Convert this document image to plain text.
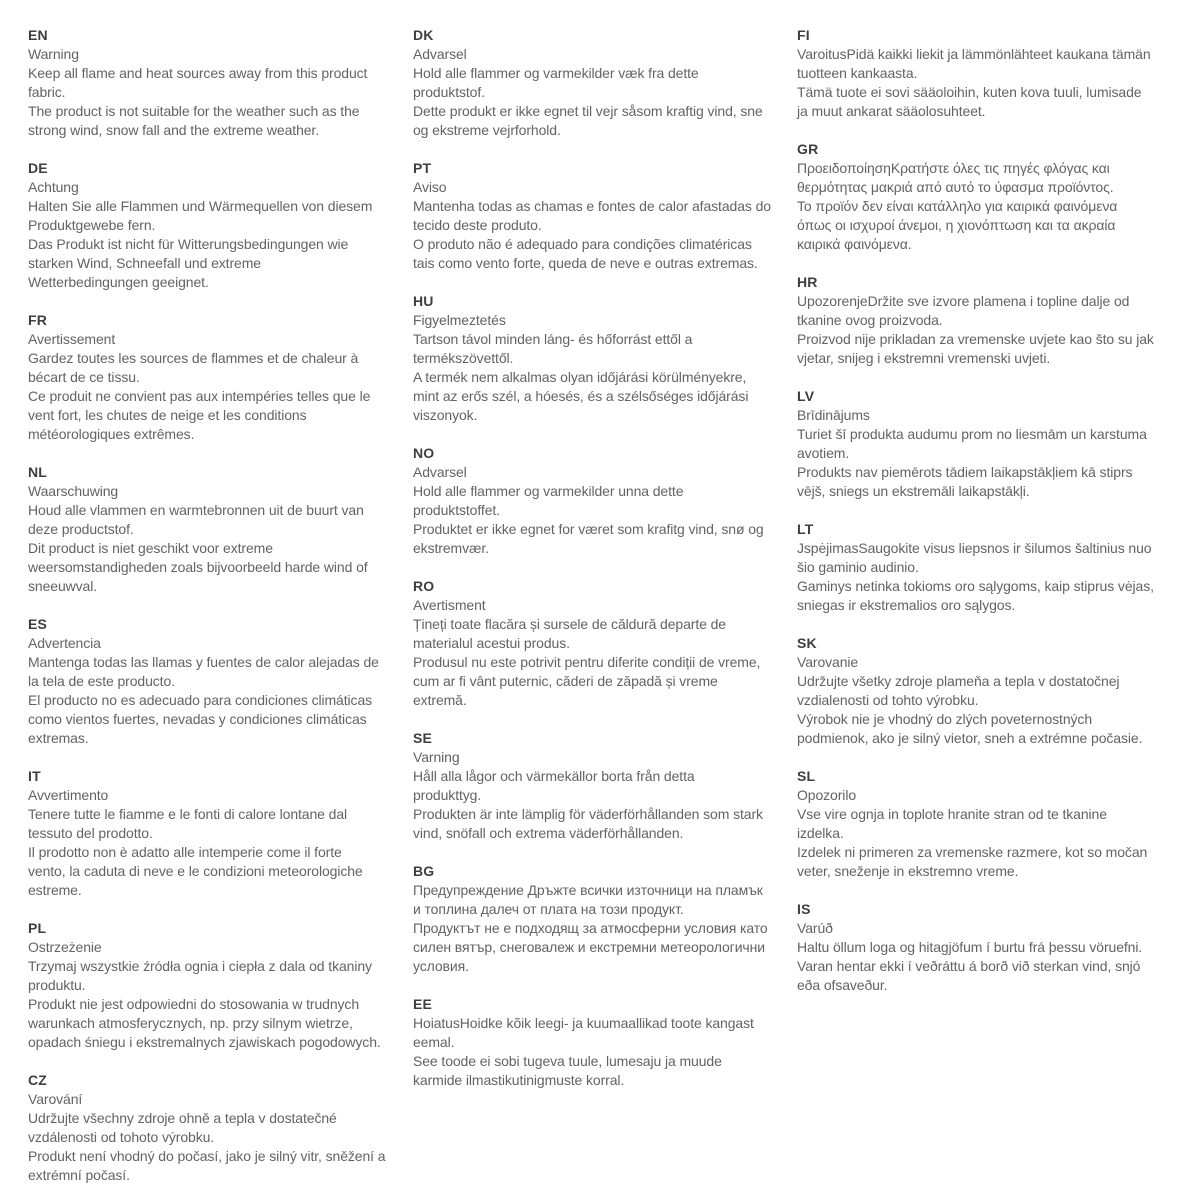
EN
Warning
Keep all flame and heat sources away from this product
fabric.
The product is not suitable for the weather such as the
strong wind, snow fall and the extreme weather.
DE
Achtung
Halten Sie alle Flammen und Wärmequellen von diesem
Produktgewebe fern.
Das Produkt ist nicht für Witterungsbedingungen wie
starken Wind, Schneefall und extreme
Wetterbedingungen geeignet.
FR
Avertissement
Gardez toutes les sources de flammes et de chaleur à
bécart de ce tissu.
Ce produit ne convient pas aux intempéries telles que le
vent fort, les chutes de neige et les conditions
météorologiques extrêmes.
NL
Waarschuwing
Houd alle vlammen en warmtebronnen uit de buurt van
deze productstof.
Dit product is niet geschikt voor extreme
weersomstandigheden zoals bijvoorbeeld harde wind of
sneeuwval.
ES
Advertencia
Mantenga todas las llamas y fuentes de calor alejadas de
la tela de este producto.
El producto no es adecuado para condiciones climáticas
como vientos fuertes, nevadas y condiciones climáticas
extremas.
IT
Avvertimento
Tenere tutte le fiamme e le fonti di calore lontane dal
tessuto del prodotto.
Il prodotto non è adatto alle intemperie come il forte
vento, la caduta di neve e le condizioni meteorologiche
estreme.
PL
Ostrzeżenie
Trzymaj wszystkie źródła ognia i ciepła z dala od tkaniny
produktu.
Produkt nie jest odpowiedni do stosowania w trudnych
warunkach atmosferycznych, np. przy silnym wietrze,
opadach śniegu i ekstremalnych zjawiskach pogodowych.
CZ
Varování
Udržujte všechny zdroje ohně a tepla v dostatečné
vzdálenosti od tohoto výrobku.
Produkt není vhodný do počasí, jako je silný vitr, sněžení a
extrémní počasí.
DK
Advarsel
Hold alle flammer og varmekilder væk fra dette
produktstof.
Dette produkt er ikke egnet til vejr såsom kraftig vind, sne
og ekstreme vejrforhold.
PT
Aviso
Mantenha todas as chamas e fontes de calor afastadas do
tecido deste produto.
O produto não é adequado para condições climatéricas
tais como vento forte, queda de neve e outras extremas.
HU
Figyelmeztetés
Tartson távol minden láng- és hőforrást ettől a
termékszövettől.
A termék nem alkalmas olyan időjárási körülményekre,
mint az erős szél, a hóesés, és a szélsőséges időjárási
viszonyok.
NO
Advarsel
Hold alle flammer og varmekilder unna dette
produktstoffet.
Produktet er ikke egnet for været som krafitg vind, snø og
ekstremvær.
RO
Avertisment
Țineți toate flacăra și sursele de căldură departe de
materialul acestui produs.
Produsul nu este potrivit pentru diferite condiții de vreme,
cum ar fi vânt puternic, căderi de zăpadă și vreme
extremă.
SE
Varning
Håll alla lågor och värmekällor borta från detta
produkttyg.
Produkten är inte lämplig för väderförhållanden som stark
vind, snöfall och extrema väderförhållanden.
BG
Предупреждение Дръжте всички източници на пламък
и топлина далеч от плата на този продукт.
Продуктът не е подходящ за атмосферни условия като
силен вятър, снеговалеж и екстремни метеорологични
условия.
EE
HoiatusHoidke kõik leegi- ja kuumaallikad toote kangast
eemal.
See toode ei sobi tugeva tuule, lumesaju ja muude
karmide ilmastikutinigmuste korral.
FI
VaroitusPidä kaikki liekit ja lämmönlähteet kaukana tämän
tuotteen kankaasta.
Tämä tuote ei sovi sääoloihin, kuten kova tuuli, lumisade
ja muut ankarat sääolosuhteet.
GR
ΠροειδοποίησηΚρατήστε όλες τις πηγές φλόγας και
θερμότητας μακριά από αυτό το ύφασμα προϊόντος.
Το προϊόν δεν είναι κατάλληλο για καιρικά φαινόμενα
όπως οι ισχυροί άνεμοι, η χιονόπτωση και τα ακραία
καιρικά φαινόμενα.
HR
UpozorenjeDržite sve izvore plamena i topline dalje od
tkanine ovog proizvoda.
Proizvod nije prikladan za vremenske uvjete kao što su jak
vjetar, snijeg i ekstremni vremenski uvjeti.
LV
Brīdinājums
Turiet šī produkta audumu prom no liesmām un karstuma
avotiem.
Produkts nav piemērots tādiem laikapstākļiem kā stiprs
vējš, sniegs un ekstremāli laikapstākļi.
LT
JspėjimasSaugokite visus liepsnos ir šilumos šaltinius nuo
šio gaminio audinio.
Gaminys netinka tokioms oro sąlygoms, kaip stiprus vėjas,
sniegas ir ekstremalios oro sąlygos.
SK
Varovanie
Udržujte všetky zdroje plameňa a tepla v dostatočnej
vzdialenosti od tohto výrobku.
Výrobok nie je vhodný do zlých poveternostných
podmienok, ako je silný vietor, sneh a extrémne počasie.
SL
Opozorilo
Vse vire ognja in toplote hranite stran od te tkanine
izdelka.
Izdelek ni primeren za vremenske razmere, kot so močan
veter, sneženje in ekstremno vreme.
IS
Varúð
Haltu öllum loga og hitagjöfum í burtu frá þessu vöruefni.
Varan hentar ekki í veðráttu á borð við sterkan vind, snjó
eða ofsaveður.
